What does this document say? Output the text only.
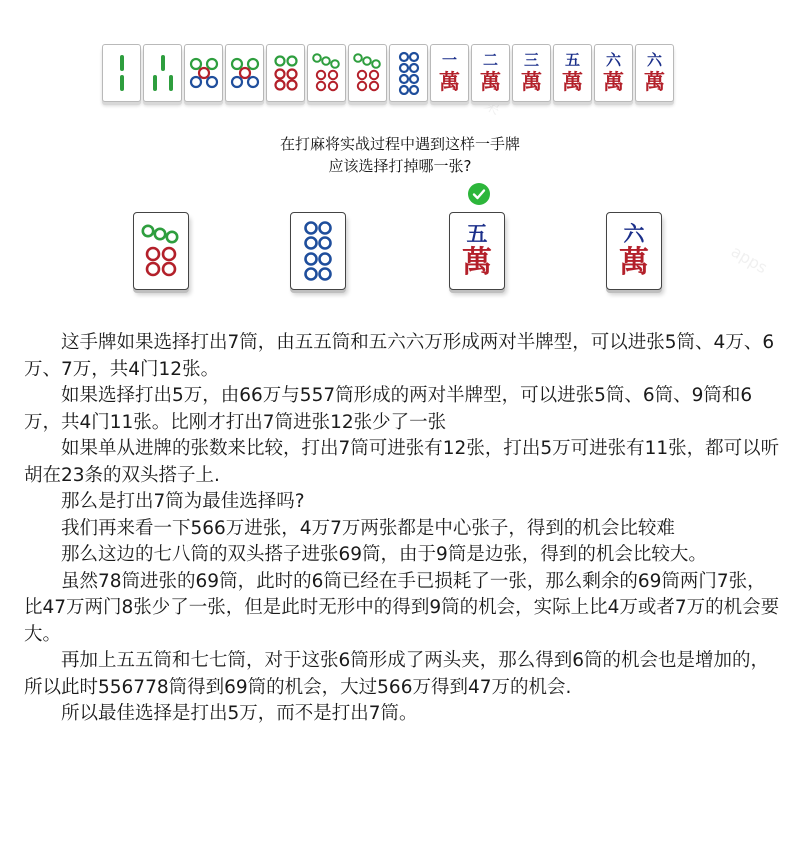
苹果
apps
一
萬
二
萬
三
萬
五
萬
六
萬
六
萬
在打麻将实战过程中遇到这样一手牌
应该选择打掉哪一张?
五
萬
六
萬

这手牌如果选择打出7筒，由五五筒和五六六万形成两对半牌型，可以进张5筒、4万、6万、7万，共4门12张。

如果选择打出5万，由66万与557筒形成的两对半牌型，可以进张5筒、6筒、9筒和6万，共4门11张。比刚才打出7筒进张12张少了一张

如果单从进牌的张数来比较，打出7筒可进张有12张，打出5万可进张有11张，都可以听胡在23条的双头搭子上.

那么是打出7筒为最佳选择吗?

我们再来看一下566万进张，4万7万两张都是中心张子，得到的机会比较难

那么这边的七八筒的双头搭子进张69筒，由于9筒是边张，得到的机会比较大。

虽然78筒进张的69筒，此时的6筒已经在手已损耗了一张，那么剩余的69筒两门7张，比47万两门8张少了一张，但是此时无形中的得到9筒的机会，实际上比4万或者7万的机会要大。

再加上五五筒和七七筒，对于这张6筒形成了两头夹，那么得到6筒的机会也是增加的，所以此时556778筒得到69筒的机会，大过566万得到47万的机会.

所以最佳选择是打出5万，而不是打出7筒。
